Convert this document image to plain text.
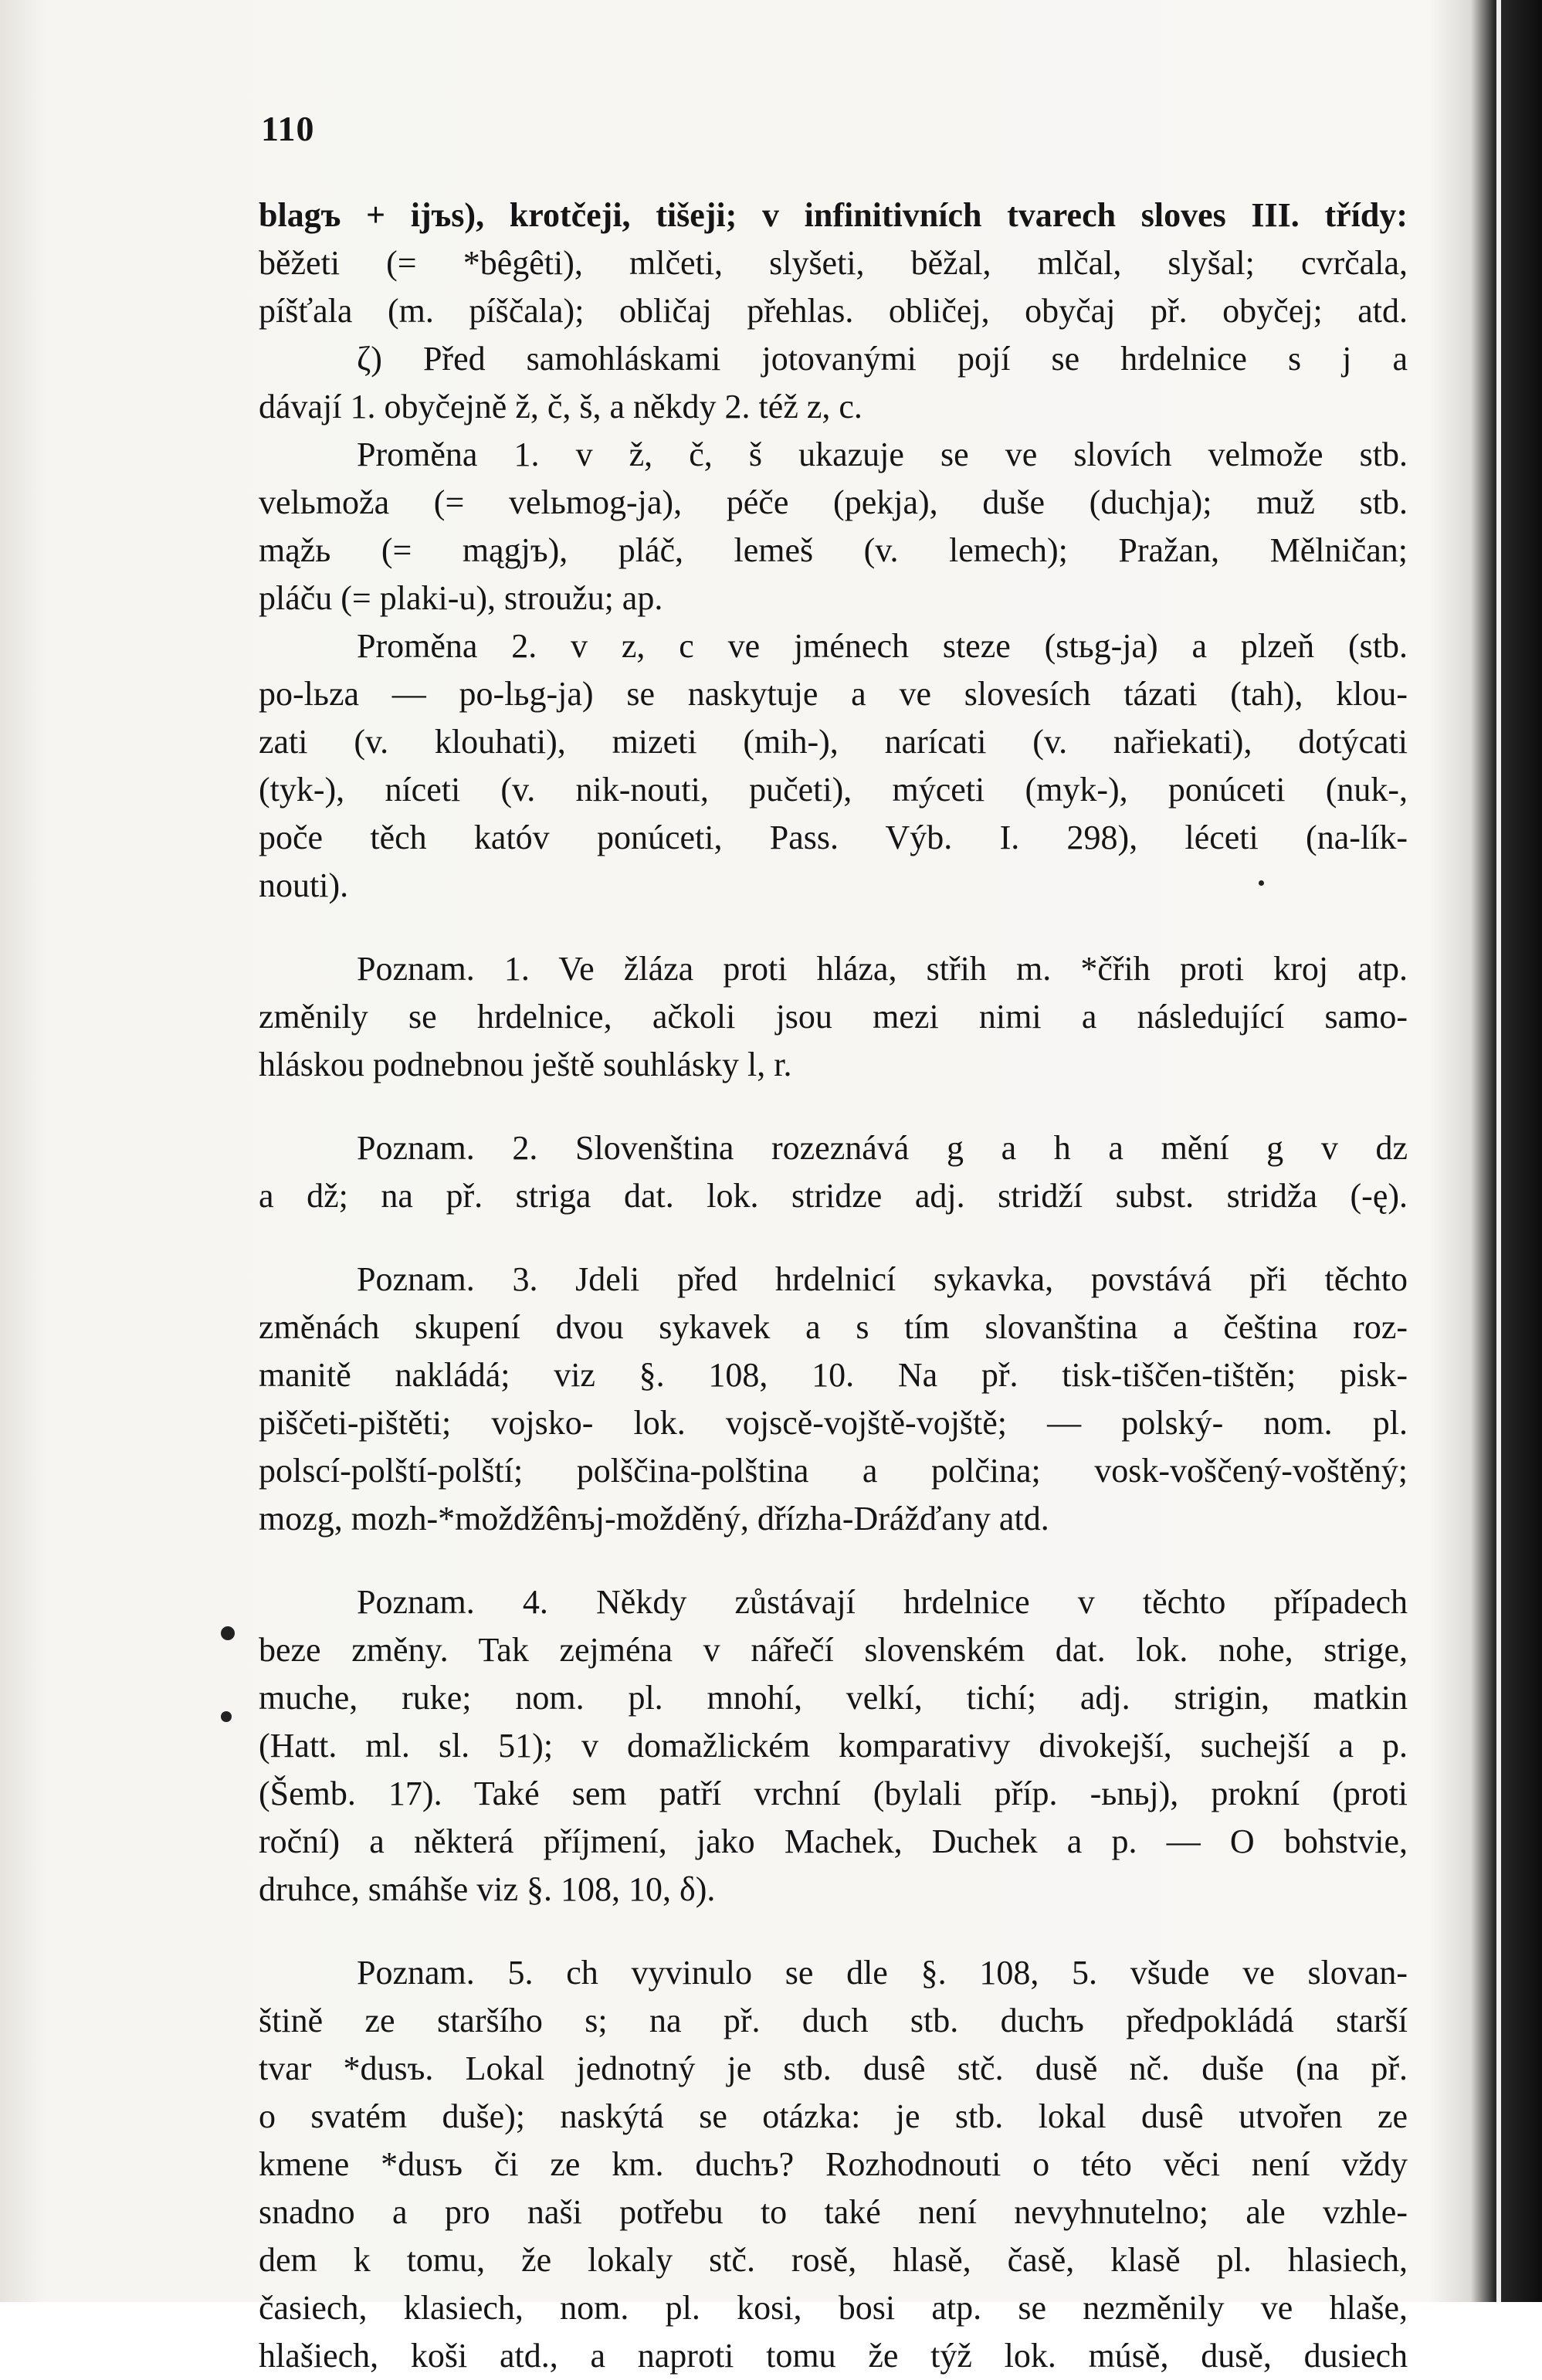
110
blagъ + ijъs), krotčeji, tišeji; v infinitivních tvarech sloves III. třídy:
běžeti (= *bêgêti), mlčeti, slyšeti, běžal, mlčal, slyšal; cvrčala,
píšťala (m. píščala); obličaj přehlas. obličej, obyčaj př. obyčej; atd.
ζ) Před samohláskami jotovanými pojí se hrdelnice s j a
dávají 1. obyčejně ž, č, š, a někdy 2. též z, c.
Proměna 1. v ž, č, š ukazuje se ve slovích velmože stb.
velьmoža (= velьmog-ja), péče (pekja), duše (duchja); muž stb.
mąžь (= mągjъ), pláč, lemeš (v. lemech); Pražan, Mělničan;
pláču (= plaki-u), stroužu; ap.
Proměna 2. v z, c ve jménech steze (stьg-ja) a plzeň (stb.
po-lьza — po-lьg-ja) se naskytuje a ve slovesích tázati (tah), klou-
zati (v. klouhati), mizeti (mih-), narícati (v. nařiekati), dotýcati
(tyk-), níceti (v. nik-nouti, pučeti), mýceti (myk-), ponúceti (nuk-,
poče těch katóv ponúceti, Pass. Výb. I. 298), léceti (na-lík-
nouti).
Poznam. 1. Ve žláza proti hláza, střih m. *čřih proti kroj atp.
změnily se hrdelnice, ačkoli jsou mezi nimi a následující samo-
hláskou podnebnou ještě souhlásky l, r.
Poznam. 2. Slovenština rozeznává g a h a mění g v dz
a dž; na př. striga dat. lok. stridze adj. stridží subst. stridža (-ę).
Poznam. 3. Jdeli před hrdelnicí sykavka, povstává při těchto
změnách skupení dvou sykavek a s tím slovanština a čeština roz-
manitě nakládá; viz §. 108, 10. Na př. tisk-tiščen-tištěn; pisk-
piščeti-pištěti; vojsko- lok. vojscě-vojště-vojště; — polský- nom. pl.
polscí-polští-polští; polščina-polština a polčina; vosk-voščený-voštěný;
mozg, mozh-*moždžênъj-možděný, dřízha-Drážďany atd.
Poznam. 4. Někdy zůstávají hrdelnice v těchto případech
beze změny. Tak zejména v nářečí slovenském dat. lok. nohe, strige,
muche, ruke; nom. pl. mnohí, velkí, tichí; adj. strigin, matkin
(Hatt. ml. sl. 51); v domažlickém komparativy divokejší, suchejší a p.
(Šemb. 17). Také sem patří vrchní (bylali příp. -ьnьj), prokní (proti
roční) a některá příjmení, jako Machek, Duchek a p. — O bohstvie,
druhce, smáhše viz §. 108, 10, δ).
Poznam. 5. ch vyvinulo se dle §. 108, 5. všude ve slovan-
štině ze staršího s; na př. duch stb. duchъ předpokládá starší
tvar *dusъ. Lokal jednotný je stb. dusê stč. dusě nč. duše (na př.
o svatém duše); naskýtá se otázka: je stb. lokal dusê utvořen ze
kmene *dusъ či ze km. duchъ? Rozhodnouti o této věci není vždy
snadno a pro naši potřebu to také není nevyhnutelno; ale vzhle-
dem k tomu, že lokaly stč. rosě, hlasě, časě, klasě pl. hlasiech,
časiech, klasiech, nom. pl. kosi, bosi atp. se nezměnily ve hlaše,
hlašiech, koši atd., a naproti tomu že týž lok. músě, dusě, dusiech
